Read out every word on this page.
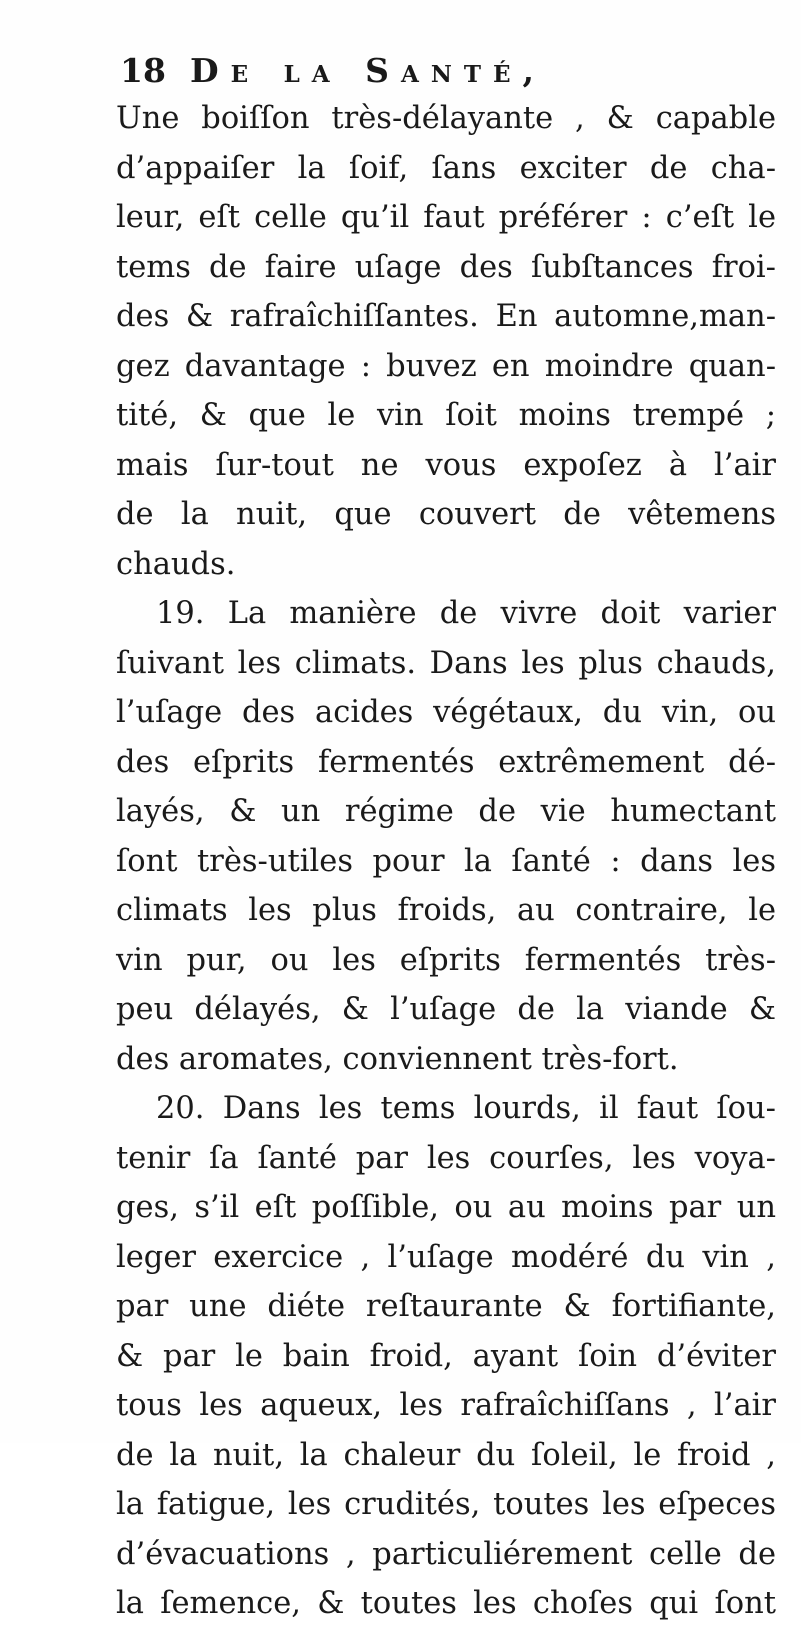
18 De la Santé,
Une boiſſon très-délayante , & capable
d’appaiſer la ſoif, ſans exciter de cha-
leur, eſt celle qu’il faut préférer : c’eſt le
tems de faire uſage des ſubſtances froi-
des & rafraîchiſſantes. En automne,man-
gez davantage : buvez en moindre quan-
tité, & que le vin ſoit moins trempé ;
mais ſur-tout ne vous expoſez à l’air
de la nuit, que couvert de vêtemens
chauds.
19. La manière de vivre doit varier
ſuivant les climats. Dans les plus chauds,
l’uſage des acides végétaux, du vin, ou
des eſprits fermentés extrêmement dé-
layés, & un régime de vie humectant
ſont très-utiles pour la ſanté : dans les
climats les plus froids, au contraire, le
vin pur, ou les eſprits fermentés très-
peu délayés, & l’uſage de la viande &
des aromates, conviennent très-fort.
20. Dans les tems lourds, il faut ſou-
tenir ſa ſanté par les courſes, les voya-
ges, s’il eſt poſſible, ou au moins par un
leger exercice , l’uſage modéré du vin ,
par une diéte reſtaurante & fortifiante,
& par le bain froid, ayant ſoin d’éviter
tous les aqueux, les rafraîchiſſans , l’air
de la nuit, la chaleur du ſoleil, le froid ,
la fatigue, les crudités, toutes les eſpeces
d’évacuations , particuliérement celle de
la ſemence, & toutes les choſes qui ſont
